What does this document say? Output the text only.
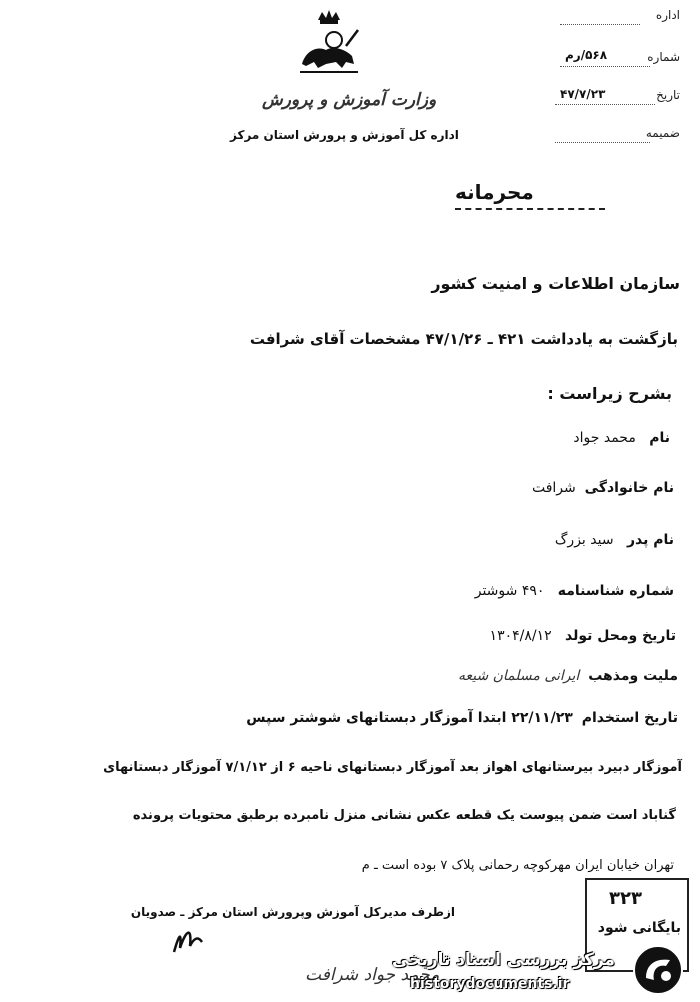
اداره
شماره
۵۶۸/رم
تاریخ
۴۷/۷/۲۳
ضمیمه
وزارت آموزش و پرورش
اداره کل آموزش و پرورش استان مرکز
محرمانه
سازمان اطلاعات و امنیت کشور
بازگشت به یادداشت ۴۲۱ ـ ۴۷/۱/۲۶ مشخصات آقای شرافت
بشرح زیراست :
نام   محمد جواد
نام خانوادگی  شرافت
نام پدر   سید بزرگ
شماره شناسنامه   ۴۹۰ شوشتر
تاریخ ومحل تولد   ۱۳۰۴/۸/۱۲
ملیت ومذهب  ایرانی مسلمان شیعه
تاریخ استخدام  ۲۲/۱۱/۲۳ ابتدا آموزگار دبستانهای شوشتر سپس
آموزگار دبیرد بیرستانهای اهواز بعد آموزگار دبستانهای ناحیه ۶ از ۷/۱/۱۲ آموزگار دبستانهای
گناباد است ضمن پیوست یک قطعه عکس نشانی منزل نامبرده برطبق محتویات پرونده
تهران خیابان ایران مهرکوچه رحمانی پلاک ۷ بوده است ـ م
ازطرف مدیرکل آموزش وپرورش استان مرکز ـ صدویان
محمد جواد شرافت
۳۲۳
بایگانی شود
مرکز بررسی اسناد تاریخی
historydocuments.ir
